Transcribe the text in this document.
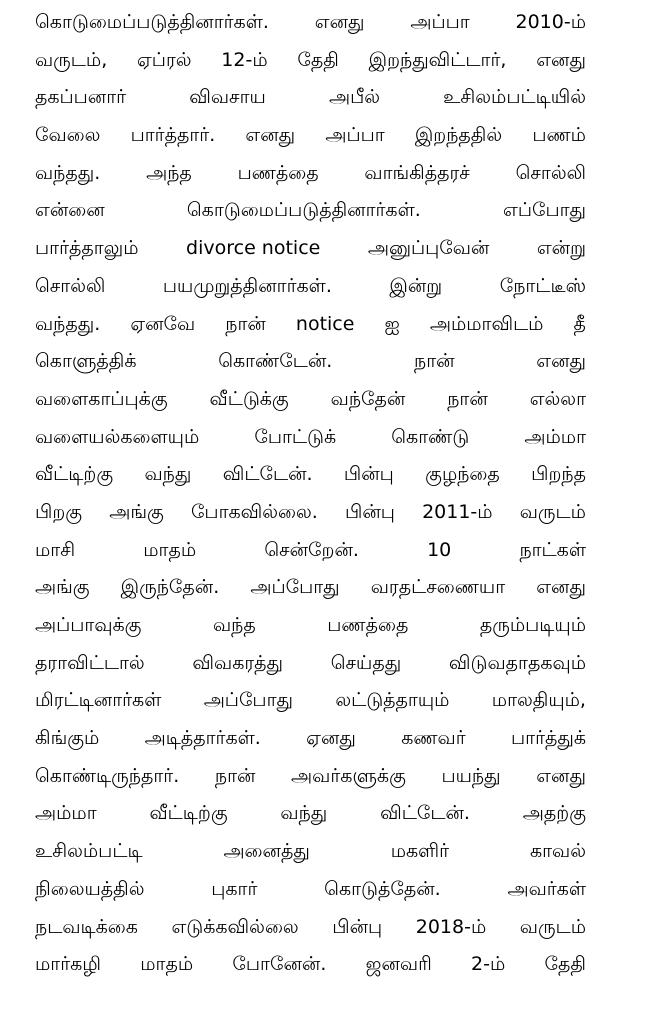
கொடுமைப்படுத்தினார்கள். எனது அப்பா 2010-ம்
வருடம், ஏப்ரல் 12-ம் தேதி இறந்துவிட்டார், எனது
தகப்பனார்	விவசாய	அபீல்	உசிலம்பட்டியில்
வேலை பார்த்தார். எனது அப்பா இறந்ததில் பணம்
வந்தது. அந்த பணத்தை வாங்கித்தரச் சொல்லி
என்னை	கொடுமைப்படுத்தினார்கள்.	எப்போது
பார்த்தாலும் divorce notice அனுப்புவேன் என்று
சொல்லி	பயமுறுத்தினார்கள்.	இன்று	நோட்டீஸ்
வந்தது. ஏனவே நான் notice ஐ அம்மாவிடம் தீ
கொளுத்திக்	கொண்டேன்.	நான்	எனது
வளைகாப்புக்கு வீட்டுக்கு வந்தேன் நான் எல்லா
வளையல்களையும்	போட்டுக்	கொண்டு	அம்மா
வீட்டிற்கு வந்து விட்டேன். பின்பு குழந்தை பிறந்த
பிறகு அங்கு போகவில்லை. பின்பு 2011-ம் வருடம்
மாசி	மாதம்	சென்றேன்.	10	நாட்கள்
அங்கு இருந்தேன். அப்போது வரதட்சணையா எனது
அப்பாவுக்கு	வந்த	பணத்தை	தரும்படியும்
தராவிட்டால்	விவகரத்து	செய்தது	விடுவதாதகவும்
மிரட்டினார்கள் அப்போது லட்டுத்தாயும் மாலதியும்,
கிங்கும் அடித்தார்கள். ஏனது கணவர் பார்த்துக்
கொண்டிருந்தார். நான் அவர்களுக்கு பயந்து எனது
அம்மா	வீட்டிற்கு	வந்து	விட்டேன்.	அதற்கு
உசிலம்பட்டி	அனைத்து	மகளிர்	காவல்
நிலையத்தில்	புகார்	கொடுத்தேன்.	அவர்கள்
நடவடிக்கை எடுக்கவில்லை பின்பு 2018-ம் வருடம்
மார்கழி மாதம் போனேன். ஜனவரி 2-ம் தேதி
